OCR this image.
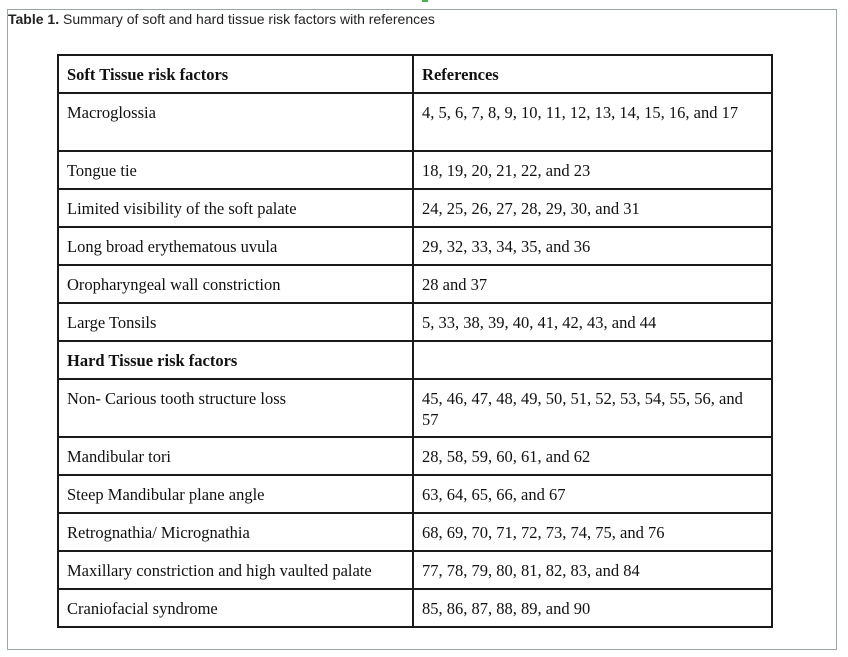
Table 1. Summary of soft and hard tissue risk factors with references
Soft Tissue risk factors	References
Macroglossia	4, 5, 6, 7, 8, 9, 10, 11, 12, 13, 14, 15, 16, and 17
Tongue tie	18, 19, 20, 21, 22, and 23
Limited visibility of the soft palate	24, 25, 26, 27, 28, 29, 30, and 31
Long broad erythematous uvula	29, 32, 33, 34, 35, and 36
Oropharyngeal wall constriction	28 and 37
Large Tonsils	5, 33, 38, 39, 40, 41, 42, 43, and 44
Hard Tissue risk factors	
Non- Carious tooth structure loss	45, 46, 47, 48, 49, 50, 51, 52, 53, 54, 55, 56, and 57
Mandibular tori	28, 58, 59, 60, 61, and 62
Steep Mandibular plane angle	63, 64, 65, 66, and 67
Retrognathia/ Micrognathia	68, 69, 70, 71, 72, 73, 74, 75, and 76
Maxillary constriction and high vaulted palate	77, 78, 79, 80, 81, 82, 83, and 84
Craniofacial syndrome	85, 86, 87, 88, 89, and 90
